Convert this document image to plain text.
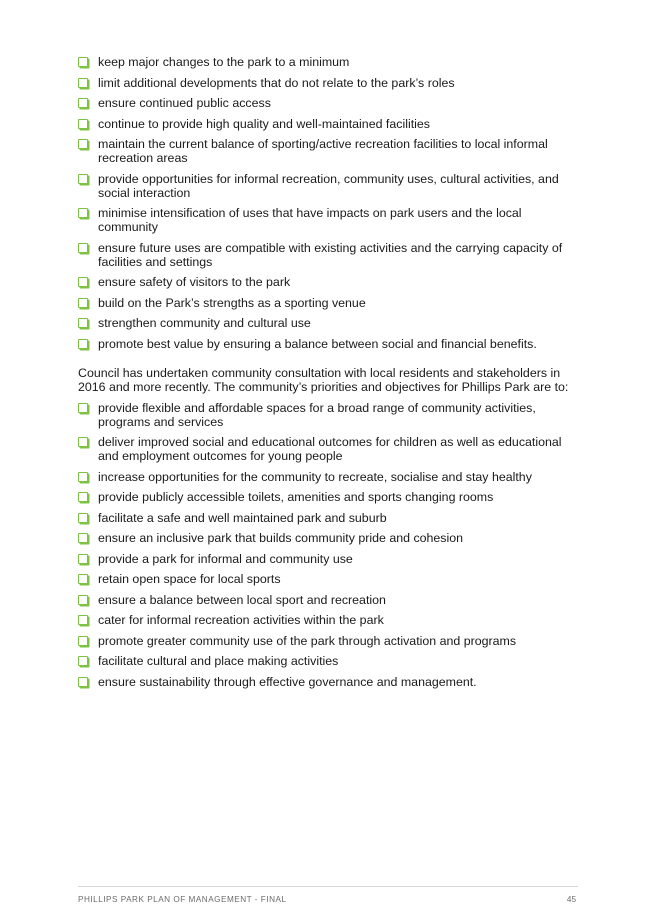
keep major changes to the park to a minimum
limit additional developments that do not relate to the park’s roles
ensure continued public access
continue to provide high quality and well-maintained facilities
maintain the current balance of sporting/active recreation facilities to local informal recreation areas
provide opportunities for informal recreation, community uses, cultural activities, and social interaction
minimise intensification of uses that have impacts on park users and the local community
ensure future uses are compatible with existing activities and the carrying capacity of facilities and settings
ensure safety of visitors to the park
build on the Park’s strengths as a sporting venue
strengthen community and cultural use
promote best value by ensuring a balance between social and financial benefits.

Council has undertaken community consultation with local residents and stakeholders in 2016 and more recently. The community’s priorities and objectives for Phillips Park are to:

provide flexible and affordable spaces for a broad range of community activities, programs and services
deliver improved social and educational outcomes for children as well as educational and employment outcomes for young people
increase opportunities for the community to recreate, socialise and stay healthy
provide publicly accessible toilets, amenities and sports changing rooms
facilitate a safe and well maintained park and suburb
ensure an inclusive park that builds community pride and cohesion
provide a park for informal and community use
retain open space for local sports
ensure a balance between local sport and recreation
cater for informal recreation activities within the park
promote greater community use of the park through activation and programs
facilitate cultural and place making activities
ensure sustainability through effective governance and management.
PHILLIPS PARK PLAN OF MANAGEMENT - FINAL	45
